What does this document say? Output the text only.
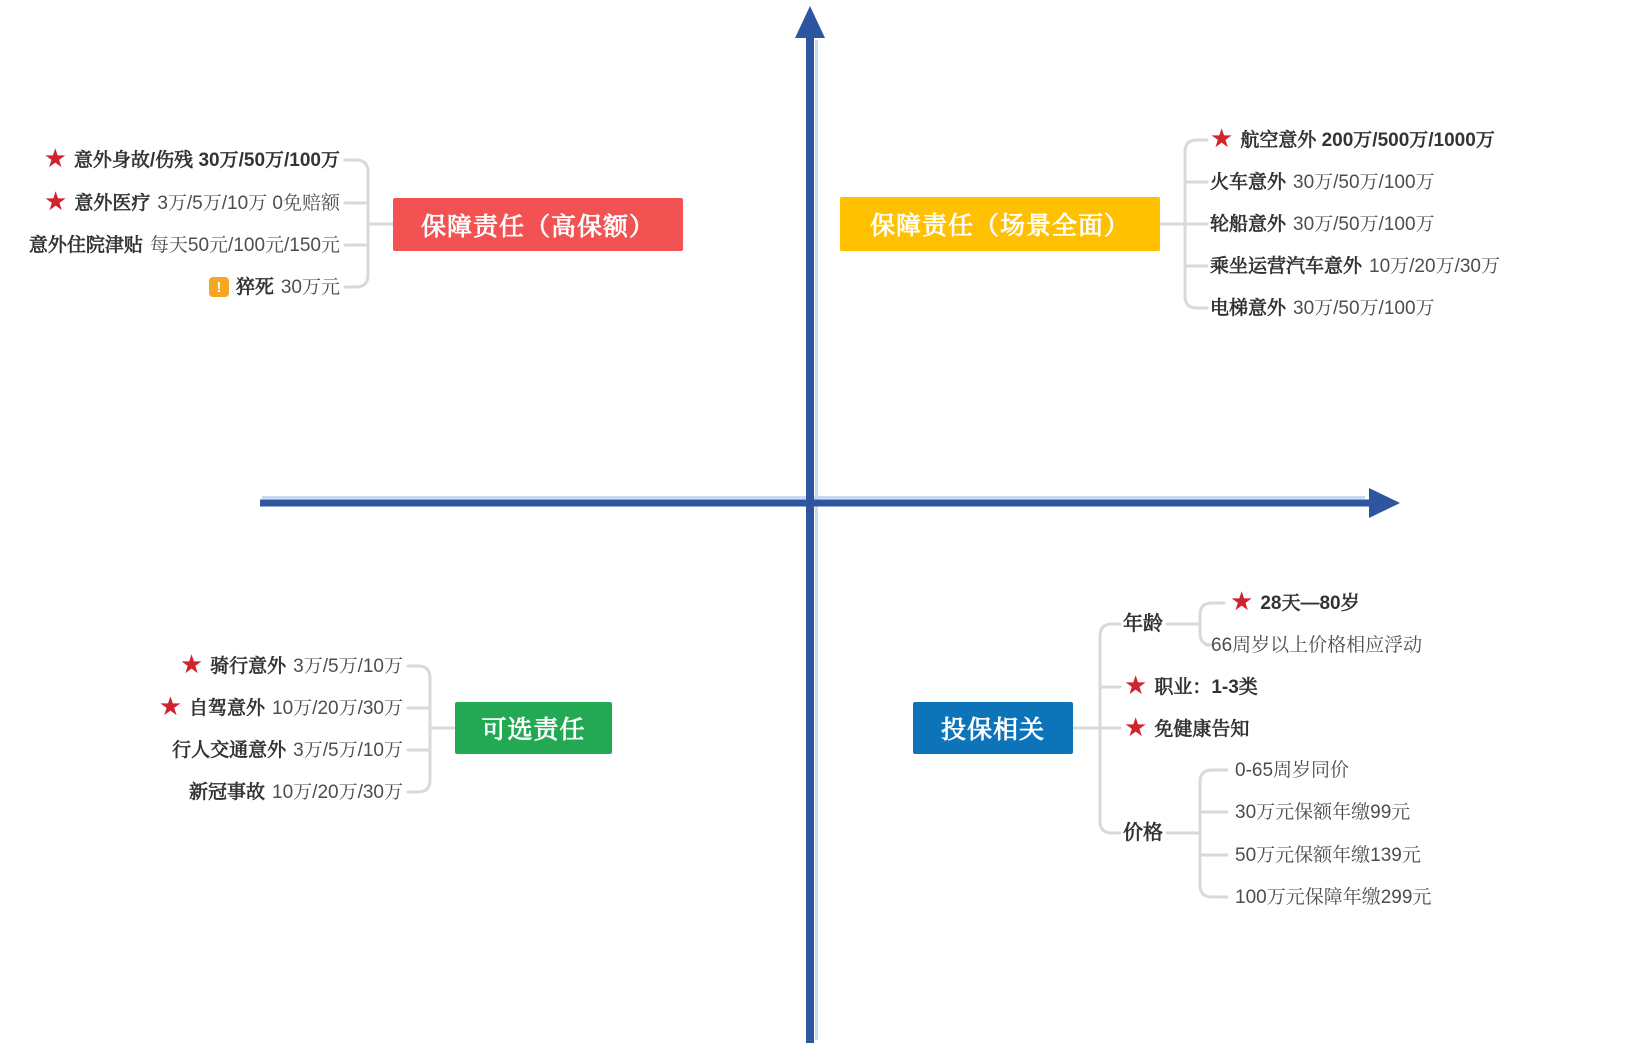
★ 意外身故/伤残 30万/50万/100万
★ 意外医疗 3万/5万/10万 0免赔额
意外住院津贴 每天50元/100元/150元
! 猝死 30万元
保障责任（高保额）	保障责任（场景全面）
★ 航空意外 200万/500万/1000万
火车意外 30万/50万/100万
轮船意外 30万/50万/100万
乘坐运营汽车意外 10万/20万/30万
电梯意外 30万/50万/100万
★ 骑行意外 3万/5万/10万
★ 自驾意外 10万/20万/30万
行人交通意外 3万/5万/10万
新冠事故 10万/20万/30万
可选责任	投保相关
年龄
★ 28天—80岁
66周岁以上价格相应浮动
★ 职业：1-3类
★ 免健康告知
价格
0-65周岁同价
30万元保额年缴99元
50万元保额年缴139元
100万元保障年缴299元
